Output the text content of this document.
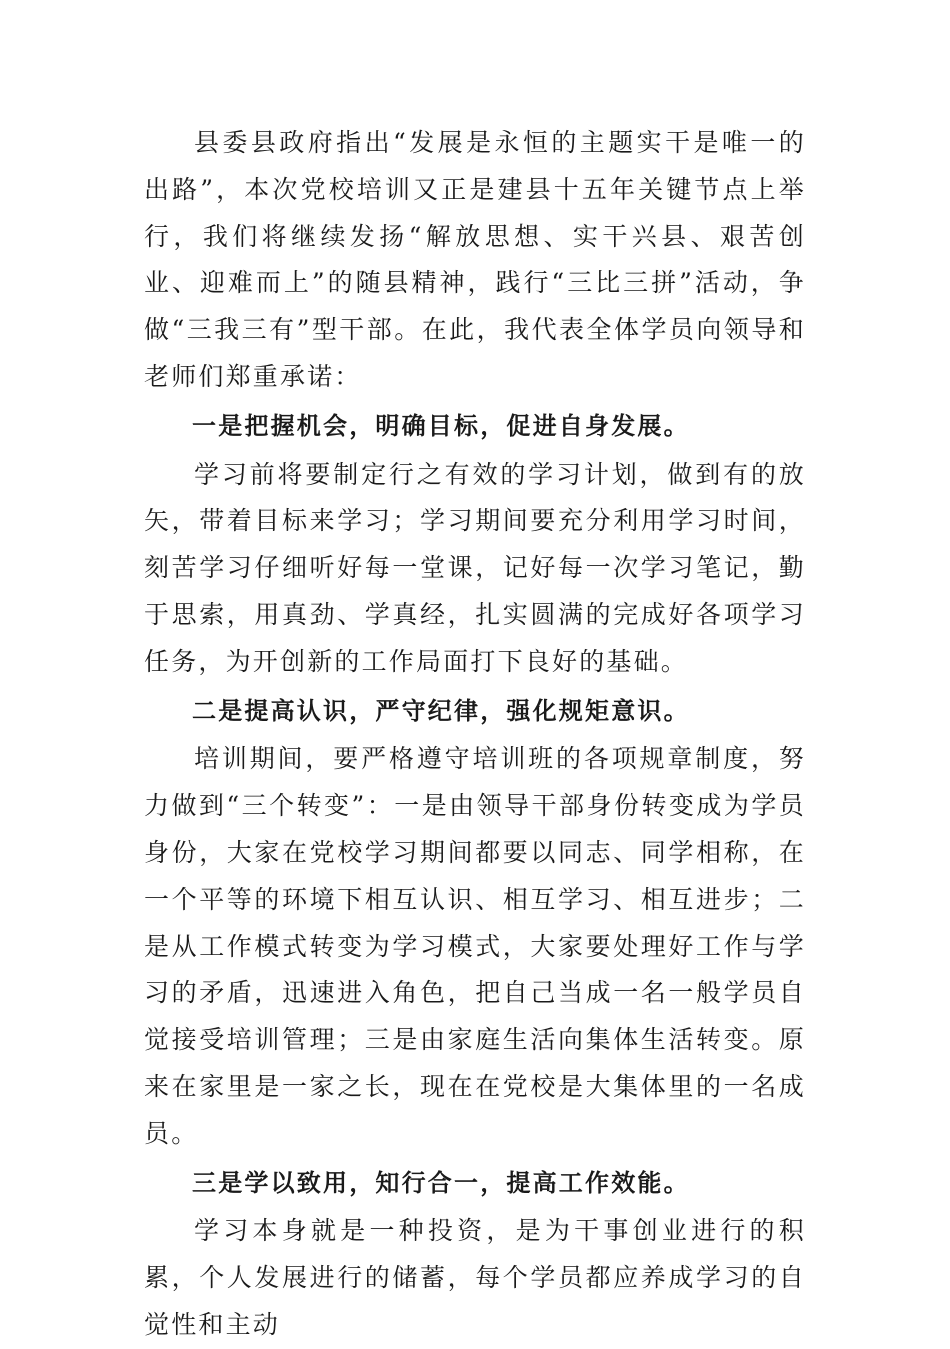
县委县政府指出“发展是永恒的主题实干是唯一的出路”，本次党校培训又正是建县十五年关键节点上举行，我们将继续发扬“解放思想、实干兴县、艰苦创业、迎难而上”的随县精神，践行“三比三拼”活动，争做“三我三有”型干部。在此，我代表全体学员向领导和老师们郑重承诺：

一是把握机会，明确目标，促进自身发展。

学习前将要制定行之有效的学习计划，做到有的放矢，带着目标来学习；学习期间要充分利用学习时间，刻苦学习仔细听好每一堂课，记好每一次学习笔记，勤于思索，用真劲、学真经，扎实圆满的完成好各项学习任务，为开创新的工作局面打下良好的基础。

二是提高认识，严守纪律，强化规矩意识。

培训期间，要严格遵守培训班的各项规章制度，努力做到“三个转变”：一是由领导干部身份转变成为学员身份，大家在党校学习期间都要以同志、同学相称，在一个平等的环境下相互认识、相互学习、相互进步；二是从工作模式转变为学习模式，大家要处理好工作与学习的矛盾，迅速进入角色，把自己当成一名一般学员自觉接受培训管理；三是由家庭生活向集体生活转变。原来在家里是一家之长，现在在党校是大集体里的一名成员。

三是学以致用，知行合一，提高工作效能。

学习本身就是一种投资，是为干事创业进行的积累，个人发展进行的储蓄，每个学员都应养成学习的自觉性和主动
